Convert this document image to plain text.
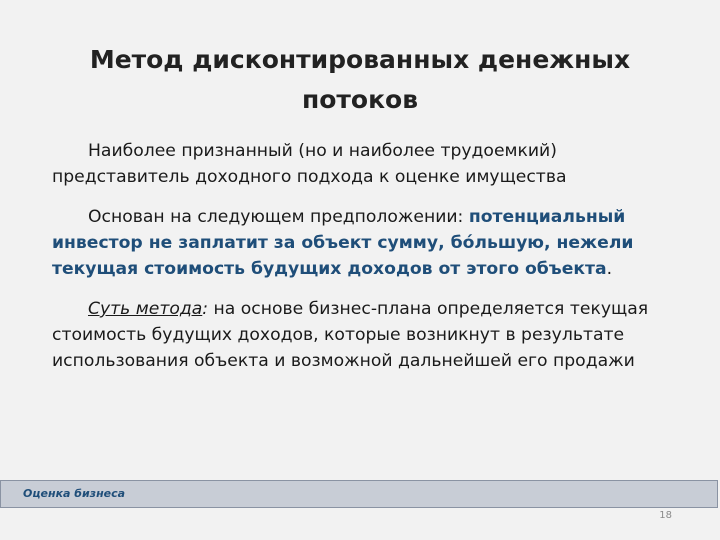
Метод дисконтированных денежных потоков

Наиболее признанный (но и наиболее трудоемкий) представитель доходного подхода к оценке имущества

Основан на следующем предположении: потенциальный инвестор не заплатит за объект сумму, бóльшую, нежели текущая стоимость будущих доходов от этого объекта.

Суть метода: на основе бизнес-плана определяется текущая стоимость будущих доходов, которые возникнут в результате использования объекта и возможной дальнейшей его продажи

Оценка бизнеса
18
